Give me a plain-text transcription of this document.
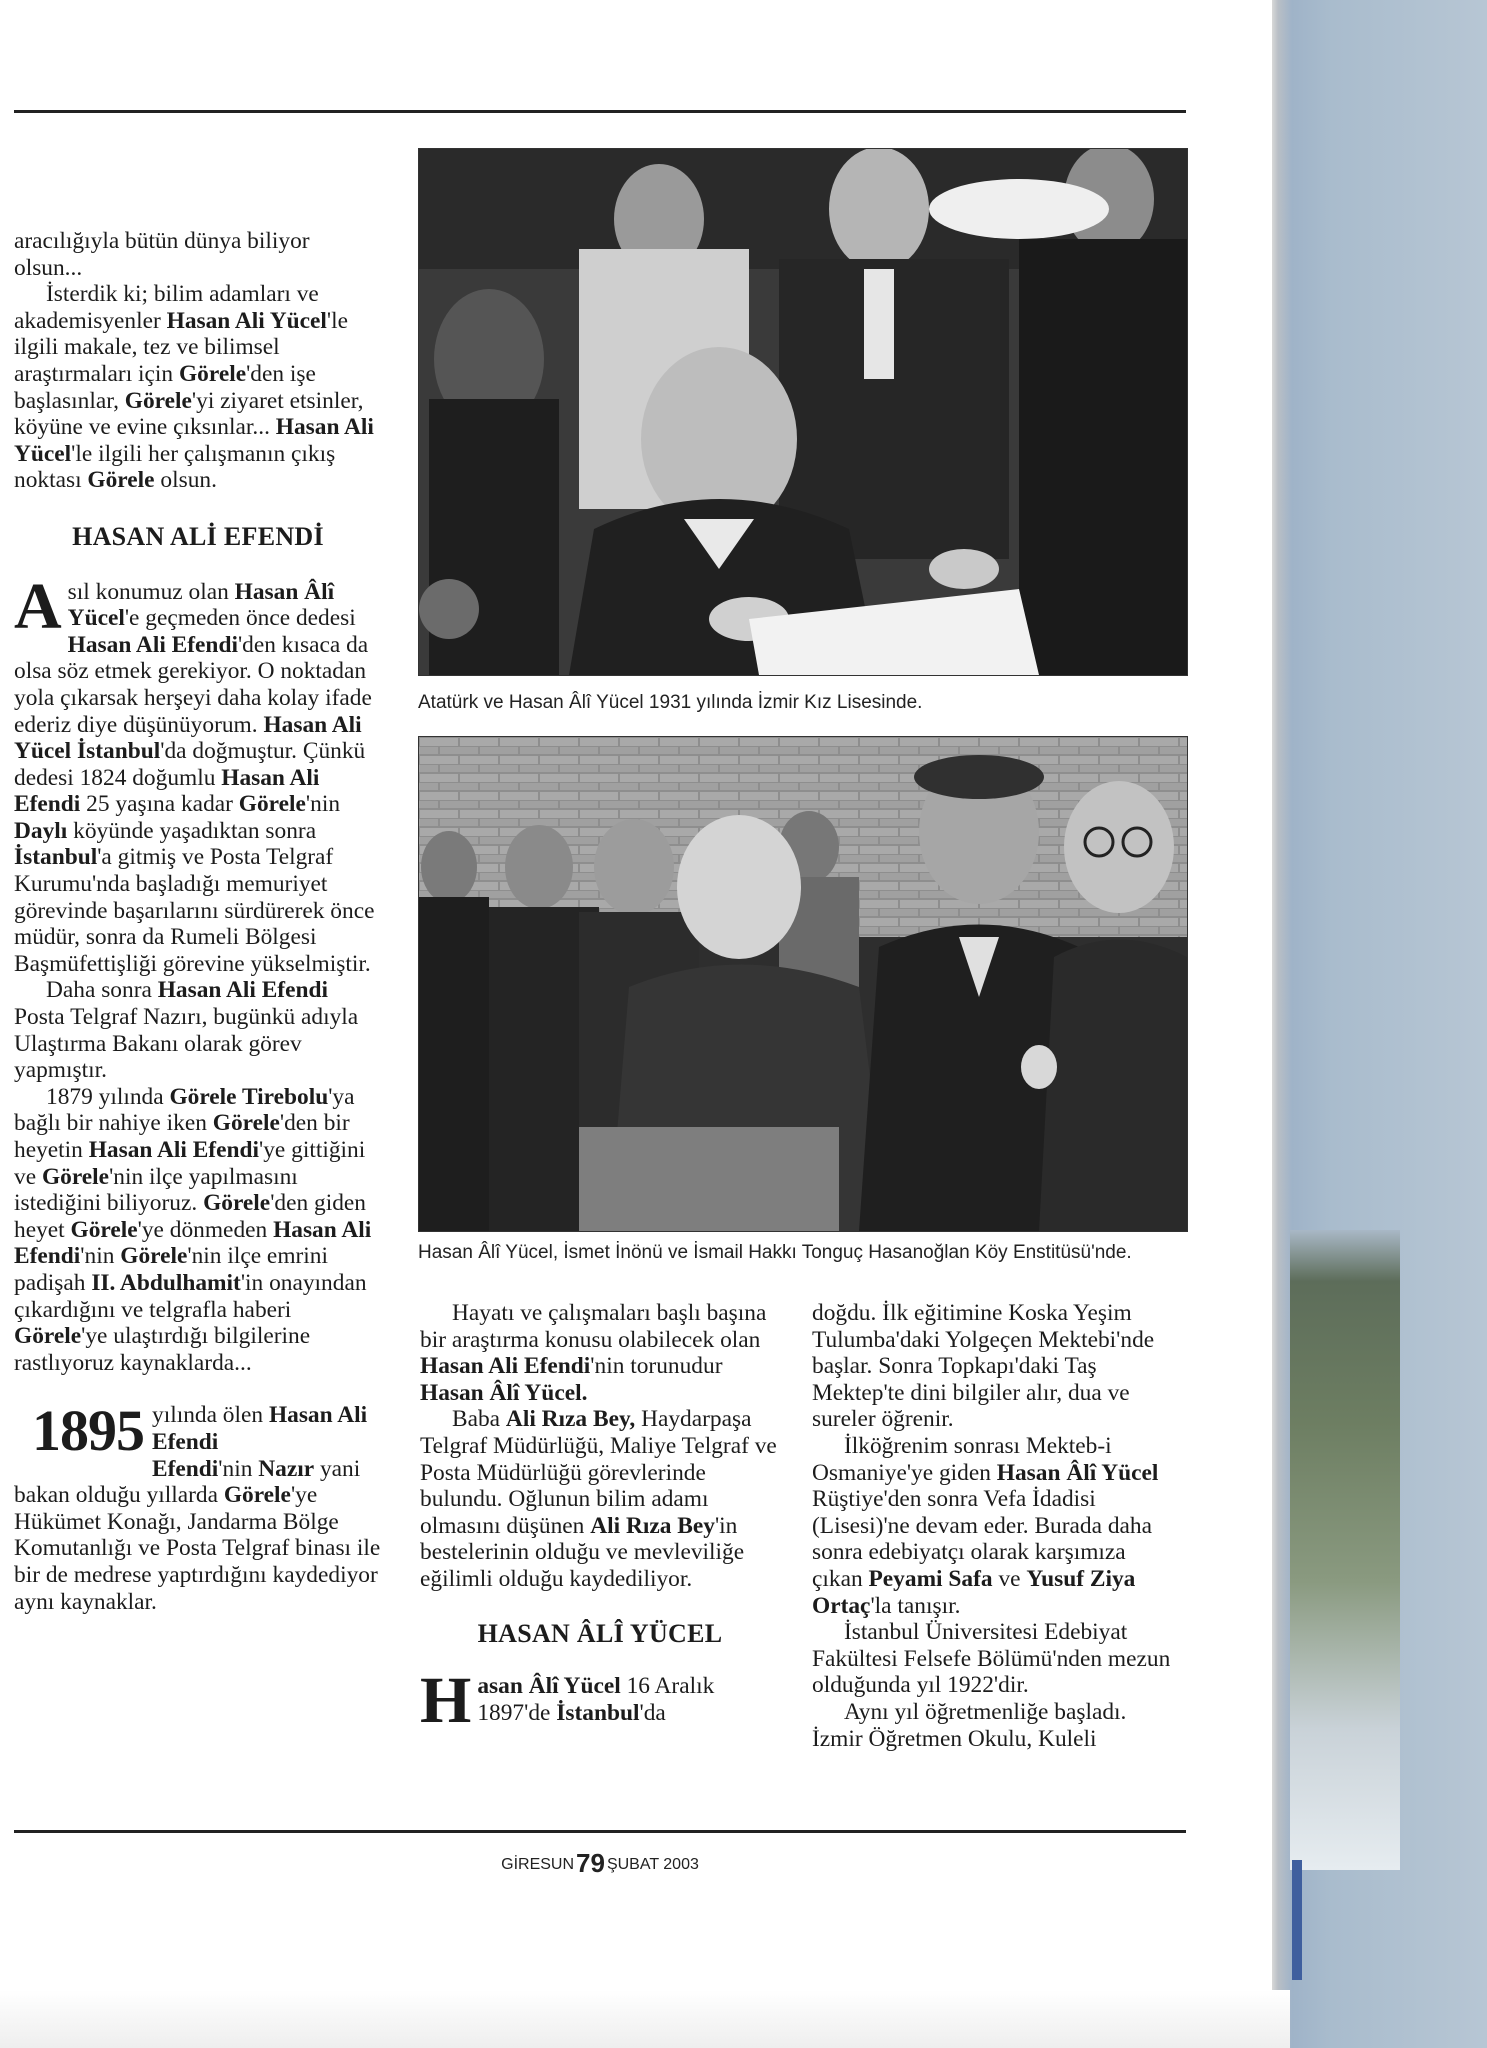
aracılığıyla bütün dünya biliyor olsun...

İsterdik ki; bilim adamları ve akademisyenler Hasan Ali Yücel'le ilgili makale, tez ve bilimsel araştırmaları için Görele'den işe başlasınlar, Görele'yi ziyaret etsinler, köyüne ve evine çıksınlar... Hasan Ali Yücel'le ilgili her çalışmanın çıkış noktası Görele olsun.

HASAN ALİ EFENDİ

Asıl konumuz olan Hasan Âlî Yücel'e geçmeden önce dedesi Hasan Ali Efendi'den kısaca da olsa söz etmek gerekiyor. O noktadan yola çıkarsak herşeyi daha kolay ifade ederiz diye düşünüyorum. Hasan Ali Yücel İstanbul'da doğmuştur. Çünkü dedesi 1824 doğumlu Hasan Ali Efendi 25 yaşına kadar Görele'nin Daylı köyünde yaşadıktan sonra İstanbul'a gitmiş ve Posta Telgraf Kurumu'nda başladığı memuriyet görevinde başarılarını sürdürerek önce müdür, sonra da Rumeli Bölgesi Başmüfettişliği görevine yükselmiştir.

Daha sonra Hasan Ali Efendi Posta Telgraf Nazırı, bugünkü adıyla Ulaştırma Bakanı olarak görev yapmıştır.

1879 yılında Görele Tirebolu'ya bağlı bir nahiye iken Görele'den bir heyetin Hasan Ali Efendi'ye gittiğini ve Görele'nin ilçe yapılmasını istediğini biliyoruz. Görele'den giden heyet Görele'ye dönmeden Hasan Ali Efendi'nin Görele'nin ilçe emrini padişah II. Abdulhamit'in onayından çıkardığını ve telgrafla haberi Görele'ye ulaştırdığı bilgilerine rastlıyoruz kaynaklarda...

1895 yılında ölen Hasan Ali Efendi
Efendi'nin Nazır yani bakan olduğu yıllarda Görele'ye Hükümet Konağı, Jandarma Bölge Komutanlığı ve Posta Telgraf binası ile bir de medrese yaptırdığını kaydediyor aynı kaynaklar.

Atatürk ve Hasan Âlî Yücel 1931 yılında İzmir Kız Lisesinde.
Hasan Âlî Yücel, İsmet İnönü ve İsmail Hakkı Tonguç Hasanoğlan Köy Enstitüsü'nde.

Hayatı ve çalışmaları başlı başına bir araştırma konusu olabilecek olan Hasan Ali Efendi'nin torunudur Hasan Âlî Yücel.

Baba Ali Rıza Bey, Haydarpaşa Telgraf Müdürlüğü, Maliye Telgraf ve Posta Müdürlüğü görevlerinde bulundu. Oğlunun bilim adamı olmasını düşünen Ali Rıza Bey'in bestelerinin olduğu ve mevleviliğe eğilimli olduğu kaydediliyor.

HASAN ÂLÎ YÜCEL

Hasan Âlî Yücel 16 Aralık 1897'de İstanbul'da

doğdu. İlk eğitimine Koska Yeşim Tulumba'daki Yolgeçen Mektebi'nde başlar. Sonra Topkapı'daki Taş Mektep'te dini bilgiler alır, dua ve sureler öğrenir.

İlköğrenim sonrası Mekteb-i Osmaniye'ye giden Hasan Âlî Yücel Rüştiye'den sonra Vefa İdadisi (Lisesi)'ne devam eder. Burada daha sonra edebiyatçı olarak karşımıza çıkan Peyami Safa ve Yusuf Ziya Ortaç'la tanışır.

İstanbul Üniversitesi Edebiyat Fakültesi Felsefe Bölümü'nden mezun olduğunda yıl 1922'dir.

Aynı yıl öğretmenliğe başladı. İzmir Öğretmen Okulu, Kuleli

GİRESUN79 ŞUBAT 2003
